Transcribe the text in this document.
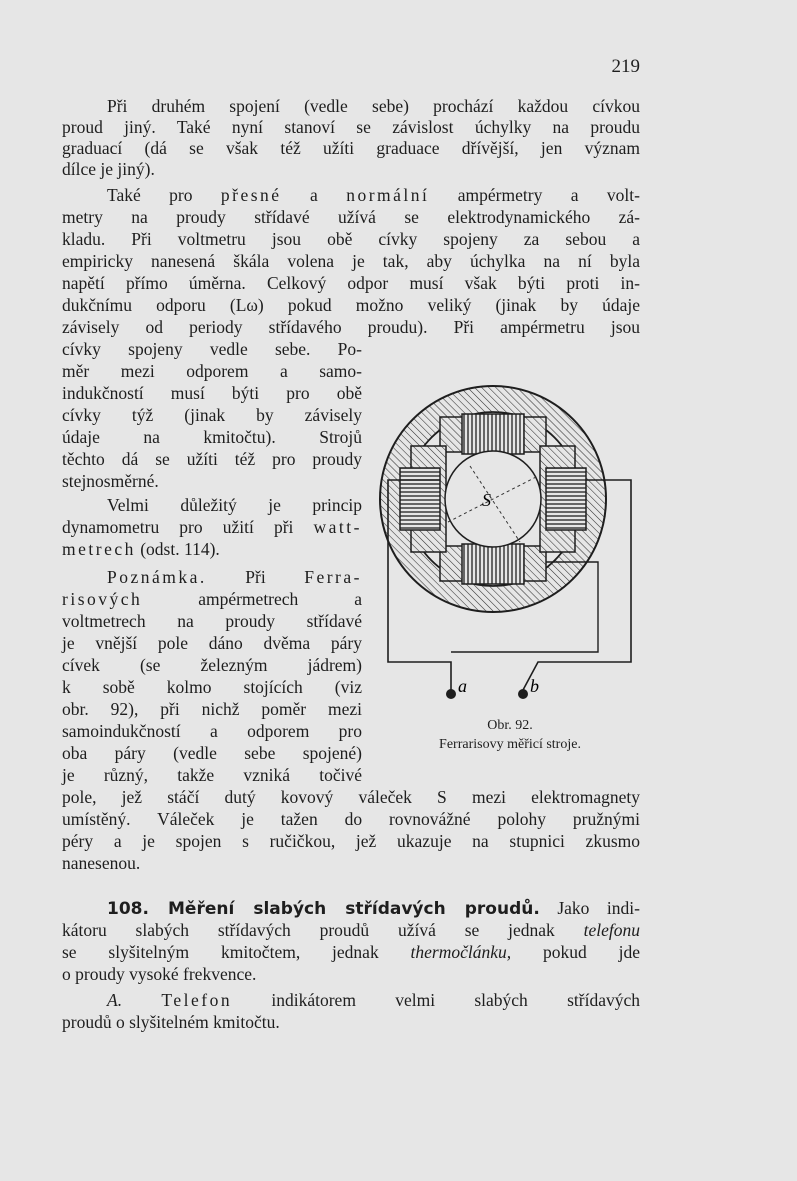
219
Při druhém spojení (vedle sebe) prochází každou cívkou
proud jiný. Také nyní stanoví se závislost úchylky na proudu
graduací (dá se však též užíti graduace dřívější, jen význam
dílce je jiný).
Také pro přesné a normální ampérmetry a volt-
metry na proudy střídavé užívá se elektrodynamického zá-
kladu. Při voltmetru jsou obě cívky spojeny za sebou a
empiricky nanesená škála volena je tak, aby úchylka na ní byla
napětí přímo úměrna. Celkový odpor musí však býti proti in-
dukčnímu odporu (Lω) pokud možno veliký (jinak by údaje
závisely od periody střídavého proudu). Při ampérmetru jsou
cívky spojeny vedle sebe. Po-
měr mezi odporem a samo-
indukčností musí býti pro obě
cívky týž (jinak by závisely
údaje na kmitočtu). Strojů
těchto dá se užíti též pro proudy
stejnosměrné.
Velmi důležitý je princip
dynamometru pro užití při watt-
metrech (odst. 114).
Poznámka. Při Ferra-
risových ampérmetrech a
voltmetrech na proudy střídavé
je vnější pole dáno dvěma páry
cívek (se železným jádrem)
k sobě kolmo stojících (viz
obr. 92), při nichž poměr mezi
samoindukčností a odporem pro
oba páry (vedle sebe spojené)
je různý, takže vzniká točivé
pole, jež stáčí dutý kovový váleček S mezi elektromagnety
umístěný. Váleček je tažen do rovnovážné polohy pružnými
péry a je spojen s ručičkou, jež ukazuje na stupnici zkusmo
nanesenou.
S
a	b
Obr. 92.
Ferrarisovy měřicí stroje.
108. Měření slabých střídavých proudů. Jako indi-
kátoru slabých střídavých proudů užívá se jednak telefonu
se slyšitelným kmitočtem, jednak thermočlánku, pokud jde
o proudy vysoké frekvence.
A. Telefon indikátorem velmi slabých střídavých
proudů o slyšitelném kmitočtu.
